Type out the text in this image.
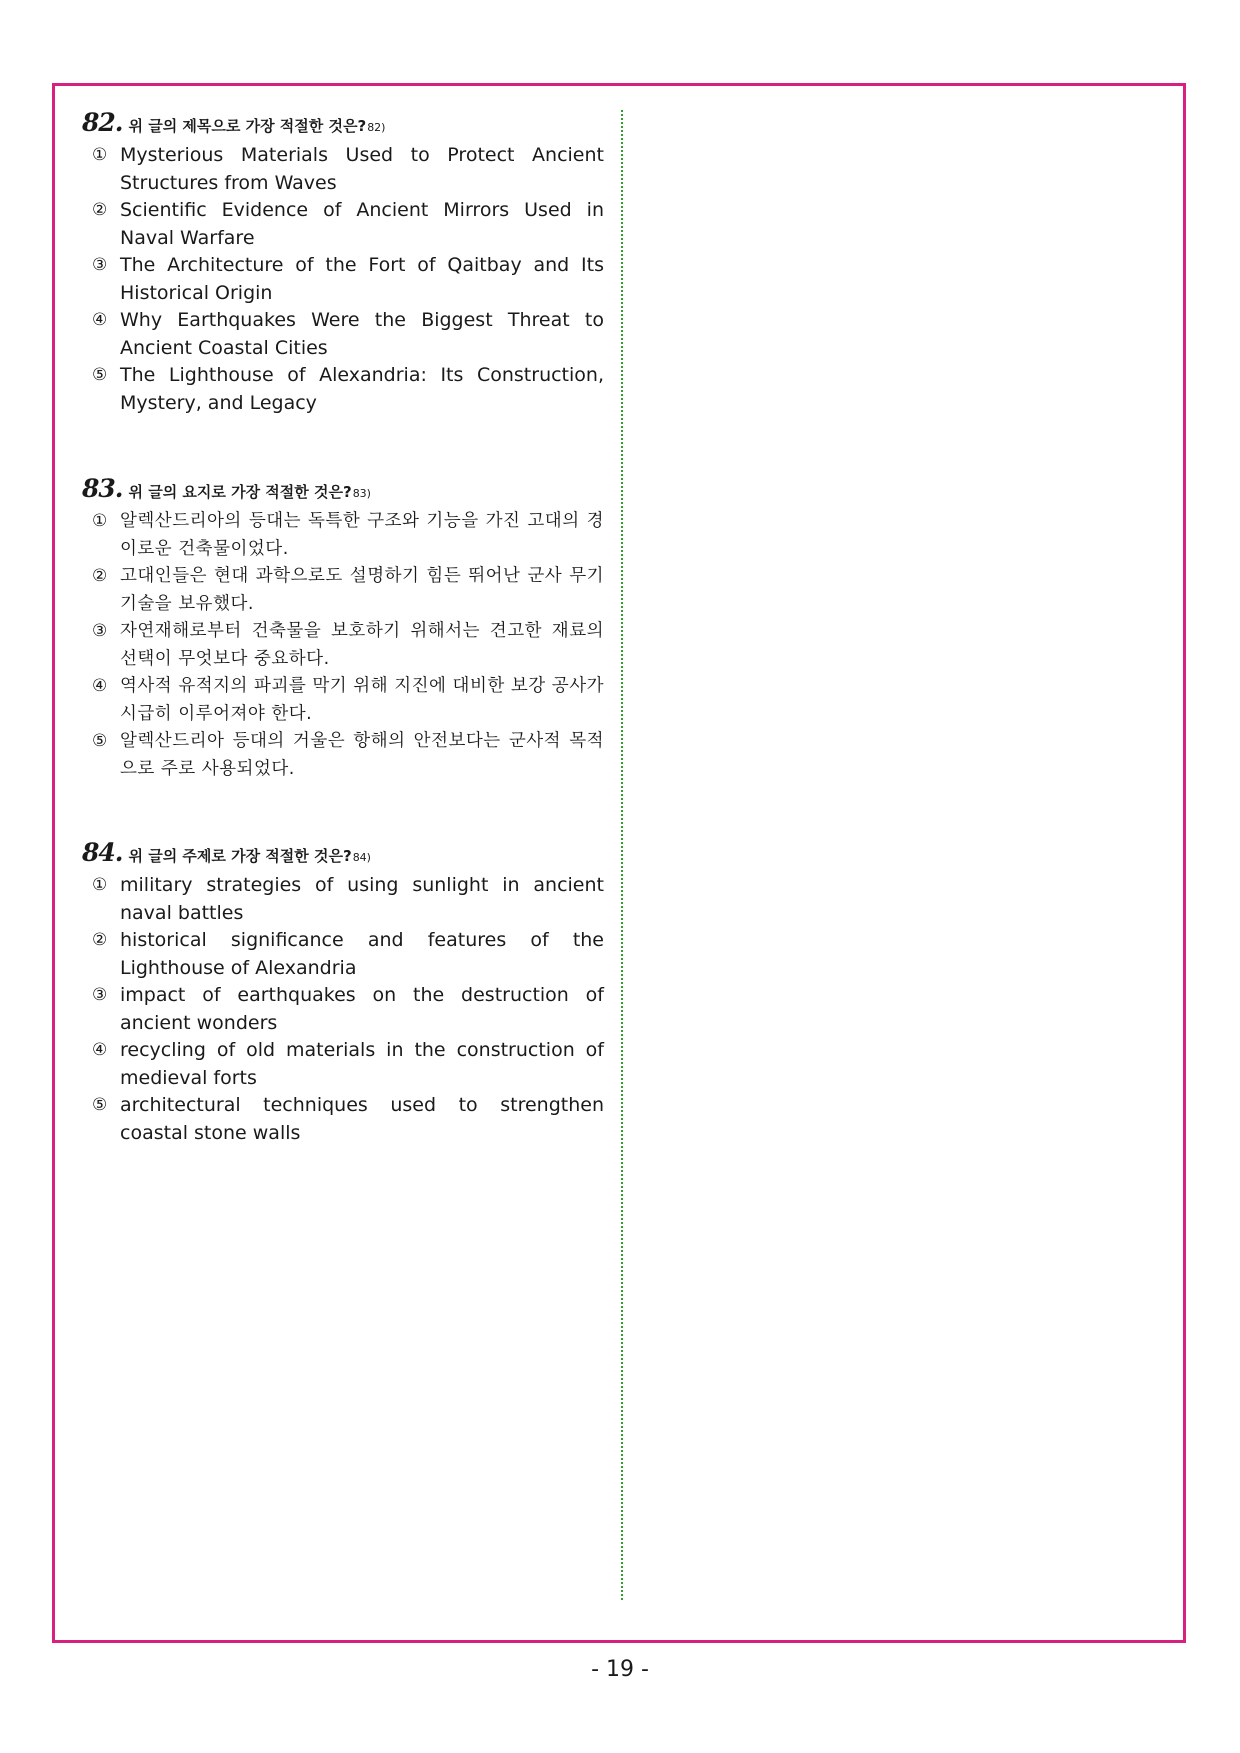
82. 위 글의 제목으로 가장 적절한 것은? 82)
① Mysterious Materials Used to Protect Ancient Structures from Waves
② Scientific Evidence of Ancient Mirrors Used in Naval Warfare
③ The Architecture of the Fort of Qaitbay and Its Historical Origin
④ Why Earthquakes Were the Biggest Threat to Ancient Coastal Cities
⑤ The Lighthouse of Alexandria: Its Construction, Mystery, and Legacy
83. 위 글의 요지로 가장 적절한 것은? 83)
① 알렉산드리아의 등대는 독특한 구조와 기능을 가진 고대의 경이로운 건축물이었다.
② 고대인들은 현대 과학으로도 설명하기 힘든 뛰어난 군사 무기 기술을 보유했다.
③ 자연재해로부터 건축물을 보호하기 위해서는 견고한 재료의 선택이 무엇보다 중요하다.
④ 역사적 유적지의 파괴를 막기 위해 지진에 대비한 보강 공사가 시급히 이루어져야 한다.
⑤ 알렉산드리아 등대의 거울은 항해의 안전보다는 군사적 목적으로 주로 사용되었다.
84. 위 글의 주제로 가장 적절한 것은? 84)
① military strategies of using sunlight in ancient naval battles
② historical significance and features of the Lighthouse of Alexandria
③ impact of earthquakes on the destruction of ancient wonders
④ recycling of old materials in the construction of medieval forts
⑤ architectural techniques used to strengthen coastal stone walls
- 19 -
